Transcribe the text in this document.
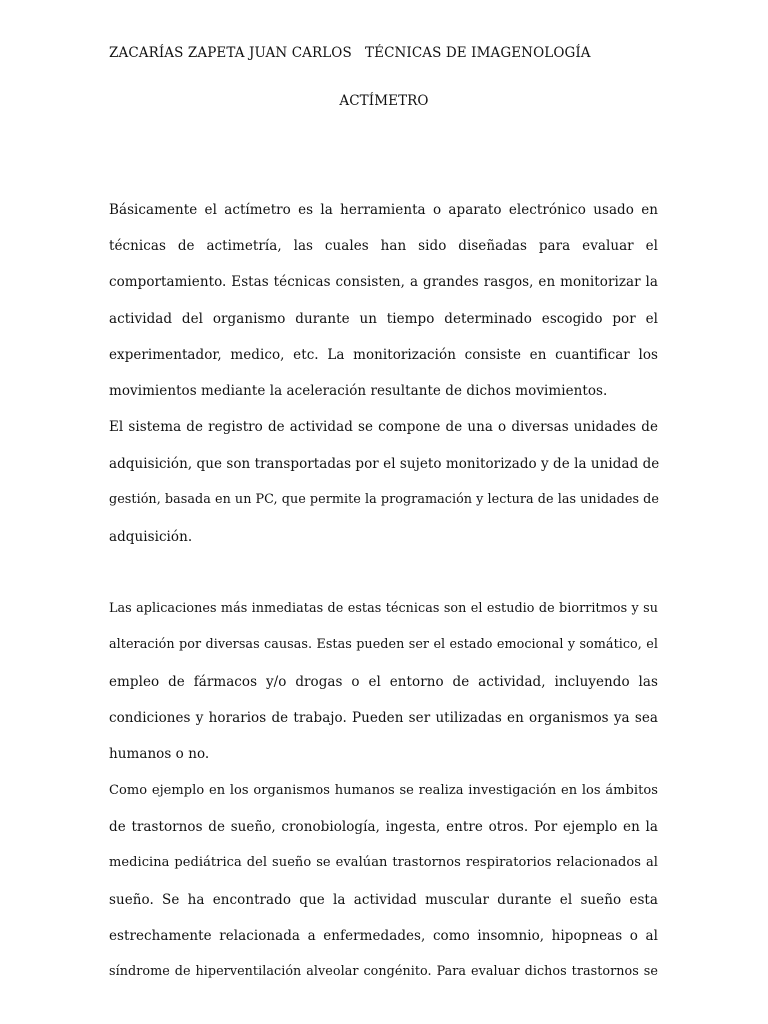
ZACARÍAS ZAPETA JUAN CARLOS TÉCNICAS DE IMAGENOLOGÍA
ACTÍMETRO
Básicamente el actímetro es la herramienta o aparato electrónico usado en
técnicas de actimetría, las cuales han sido diseñadas para evaluar el
comportamiento. Estas técnicas consisten, a grandes rasgos, en monitorizar la
actividad del organismo durante un tiempo determinado escogido por el
experimentador, medico, etc. La monitorización consiste en cuantificar los
movimientos mediante la aceleración resultante de dichos movimientos.
El sistema de registro de actividad se compone de una o diversas unidades de
adquisición, que son transportadas por el sujeto monitorizado y de la unidad de
gestión, basada en un PC, que permite la programación y lectura de las unidades de
adquisición.
Las aplicaciones más inmediatas de estas técnicas son el estudio de biorritmos y su
alteración por diversas causas. Estas pueden ser el estado emocional y somático, el
empleo de fármacos y/o drogas o el entorno de actividad, incluyendo las
condiciones y horarios de trabajo. Pueden ser utilizadas en organismos ya sea
humanos o no.
Como ejemplo en los organismos humanos se realiza investigación en los ámbitos
de trastornos de sueño, cronobiología, ingesta, entre otros. Por ejemplo en la
medicina pediátrica del sueño se evalúan trastornos respiratorios relacionados al
sueño. Se ha encontrado que la actividad muscular durante el sueño esta
estrechamente relacionada a enfermedades, como insomnio, hipopneas o al
síndrome de hiperventilación alveolar congénito. Para evaluar dichos trastornos se
